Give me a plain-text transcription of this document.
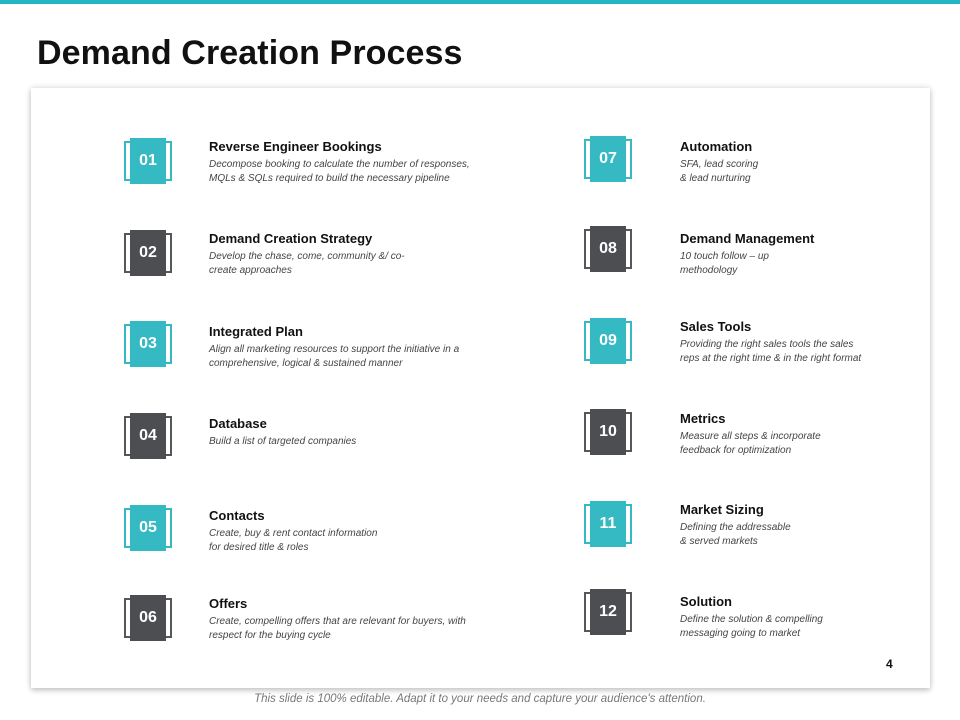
Demand Creation Process
01
Reverse Engineer Bookings
Decompose booking to calculate the number of responses,
MQLs & SQLs required to build the necessary pipeline
02
Demand Creation Strategy
Develop the chase, come, community &/ co-
create approaches
03
Integrated Plan
Align all marketing resources to support the initiative in a
comprehensive, logical & sustained manner
04
Database
Build a list of targeted companies
05
Contacts
Create, buy & rent contact information
for desired title & roles
06
Offers
Create, compelling offers that are relevant for buyers, with
respect for the buying cycle
07
Automation
SFA, lead scoring
& lead nurturing
08
Demand Management
10 touch follow – up
methodology
09
Sales Tools
Providing the right sales tools the sales
reps at the right time & in the right format
10
Metrics
Measure all steps & incorporate
feedback for optimization
11
Market Sizing
Defining the addressable
& served markets
12
Solution
Define the solution & compelling
messaging going to market
4
This slide is 100% editable. Adapt it to your needs and capture your audience's attention.
